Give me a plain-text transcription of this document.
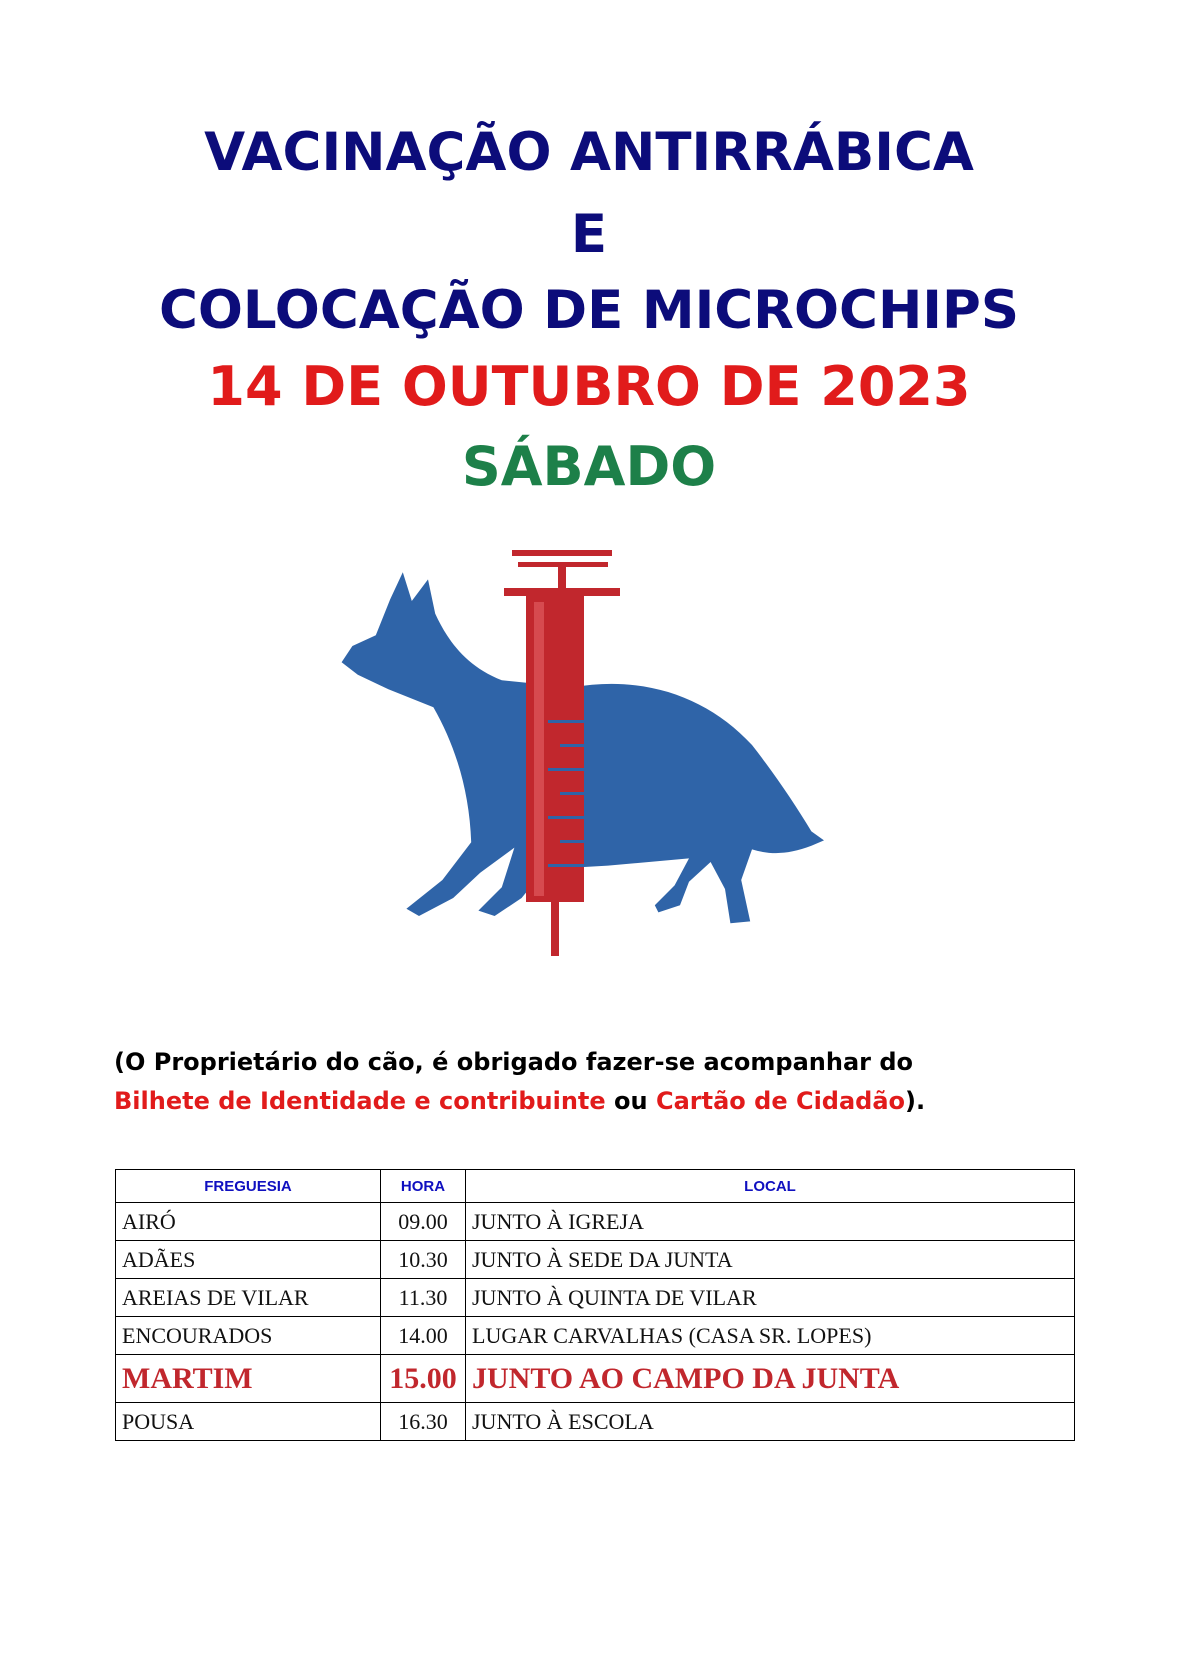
VACINAÇÃO ANTIRRÁBICA
E
COLOCAÇÃO DE MICROCHIPS
14 DE OUTUBRO DE 2023
SÁBADO
(O Proprietário do cão, é obrigado fazer-se acompanhar do
Bilhete de Identidade e contribuinte ou Cartão de Cidadão).
FREGUESIA	HORA	LOCAL
AIRÓ	09.00	JUNTO À IGREJA
ADÃES	10.30	JUNTO À SEDE DA JUNTA
AREIAS DE VILAR	11.30	JUNTO À QUINTA DE VILAR
ENCOURADOS	14.00	LUGAR CARVALHAS (CASA SR. LOPES)
MARTIM	15.00	JUNTO AO CAMPO DA JUNTA
POUSA	16.30	JUNTO À ESCOLA
